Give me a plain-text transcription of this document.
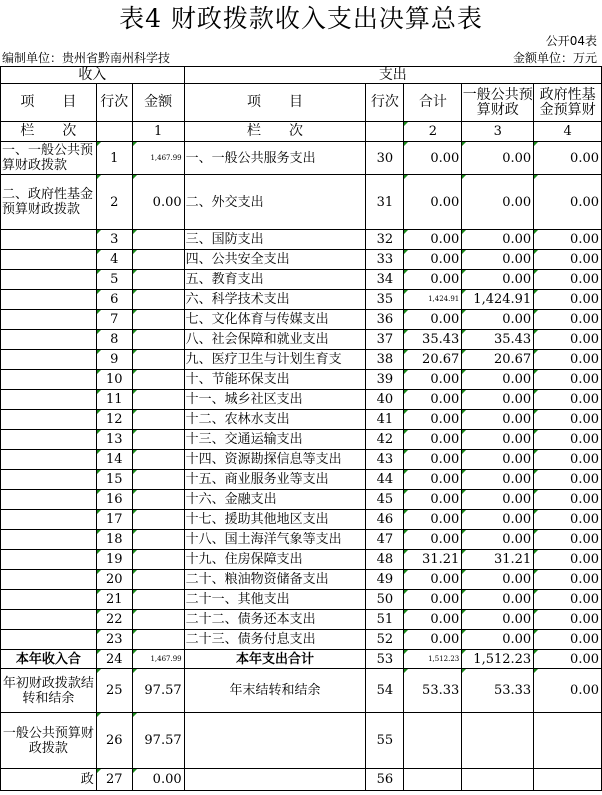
表4 财政拨款收入支出决算总表
公开04表
编制单位：贵州省黔南州科学技	金额单位：万元
收入			支出				
项　　目	行次	金额	项　　目	行次	合计	一般公共预算财政	政府性基金预算财
栏　　次		1	栏　　次		2	3	4
一、一般公共预算财政拨款	1	1,467.99	一、一般公共服务支出	30	0.00	0.00	0.00
二、政府性基金预算财政拨款	2	0.00	二、外交支出	31	0.00	0.00	0.00
	3		三、国防支出	32	0.00	0.00	0.00
	4		四、公共安全支出	33	0.00	0.00	0.00
	5		五、教育支出	34	0.00	0.00	0.00
	6		六、科学技术支出	35	1,424.91	1,424.91	0.00
	7		七、文化体育与传媒支出	36	0.00	0.00	0.00
	8		八、社会保障和就业支出	37	35.43	35.43	0.00
	9		九、医疗卫生与计划生育支	38	20.67	20.67	0.00
	10		十、节能环保支出	39	0.00	0.00	0.00
	11		十一、城乡社区支出	40	0.00	0.00	0.00
	12		十二、农林水支出	41	0.00	0.00	0.00
	13		十三、交通运输支出	42	0.00	0.00	0.00
	14		十四、资源勘探信息等支出	43	0.00	0.00	0.00
	15		十五、商业服务业等支出	44	0.00	0.00	0.00
	16		十六、金融支出	45	0.00	0.00	0.00
	17		十七、援助其他地区支出	46	0.00	0.00	0.00
	18		十八、国土海洋气象等支出	47	0.00	0.00	0.00
	19		十九、住房保障支出	48	31.21	31.21	0.00
	20		二十、粮油物资储备支出	49	0.00	0.00	0.00
	21		二十一、其他支出	50	0.00	0.00	0.00
	22		二十二、债务还本支出	51	0.00	0.00	0.00
	23		二十三、债务付息支出	52	0.00	0.00	0.00
本年收入合	24	1,467.99	本年支出合计	53	1,512.23	1,512.23	0.00
年初财政拨款结转和结余	25	97.57	年末结转和结余	54	53.33	53.33	0.00
一般公共预算财政拨款	26	97.57		55			
政	27	0.00		56			
